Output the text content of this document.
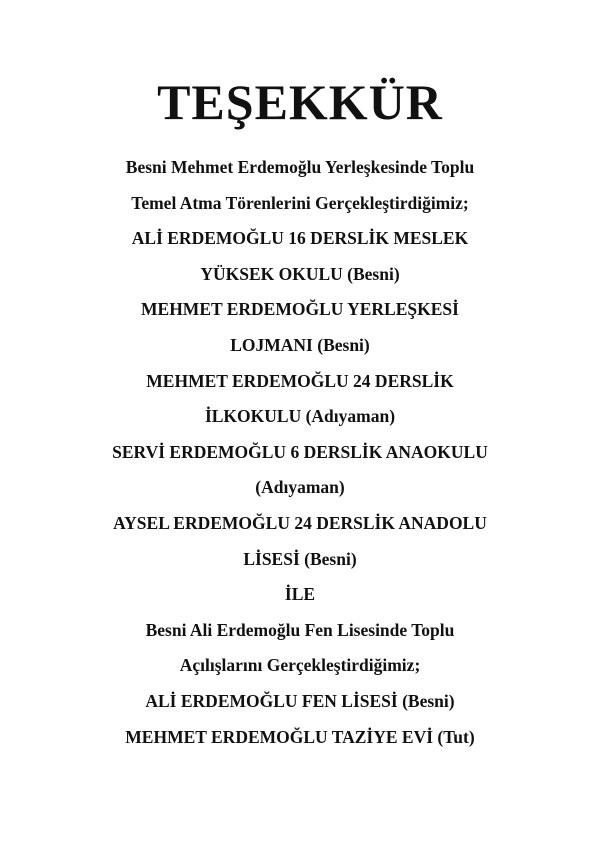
TEŞEKKÜR
Besni Mehmet Erdemoğlu Yerleşkesinde Toplu
Temel Atma Törenlerini Gerçekleştirdiğimiz;
ALİ ERDEMOĞLU 16 DERSLİK MESLEK
YÜKSEK OKULU (Besni)
MEHMET ERDEMOĞLU YERLEŞKESİ
LOJMANI (Besni)
MEHMET ERDEMOĞLU 24 DERSLİK
İLKOKULU (Adıyaman)
SERVİ ERDEMOĞLU 6 DERSLİK ANAOKULU
(Adıyaman)
AYSEL ERDEMOĞLU 24 DERSLİK ANADOLU
LİSESİ (Besni)
İLE
Besni Ali Erdemoğlu Fen Lisesinde Toplu
Açılışlarını Gerçekleştirdiğimiz;
ALİ ERDEMOĞLU FEN LİSESİ (Besni)
MEHMET ERDEMOĞLU TAZİYE EVİ (Tut)
